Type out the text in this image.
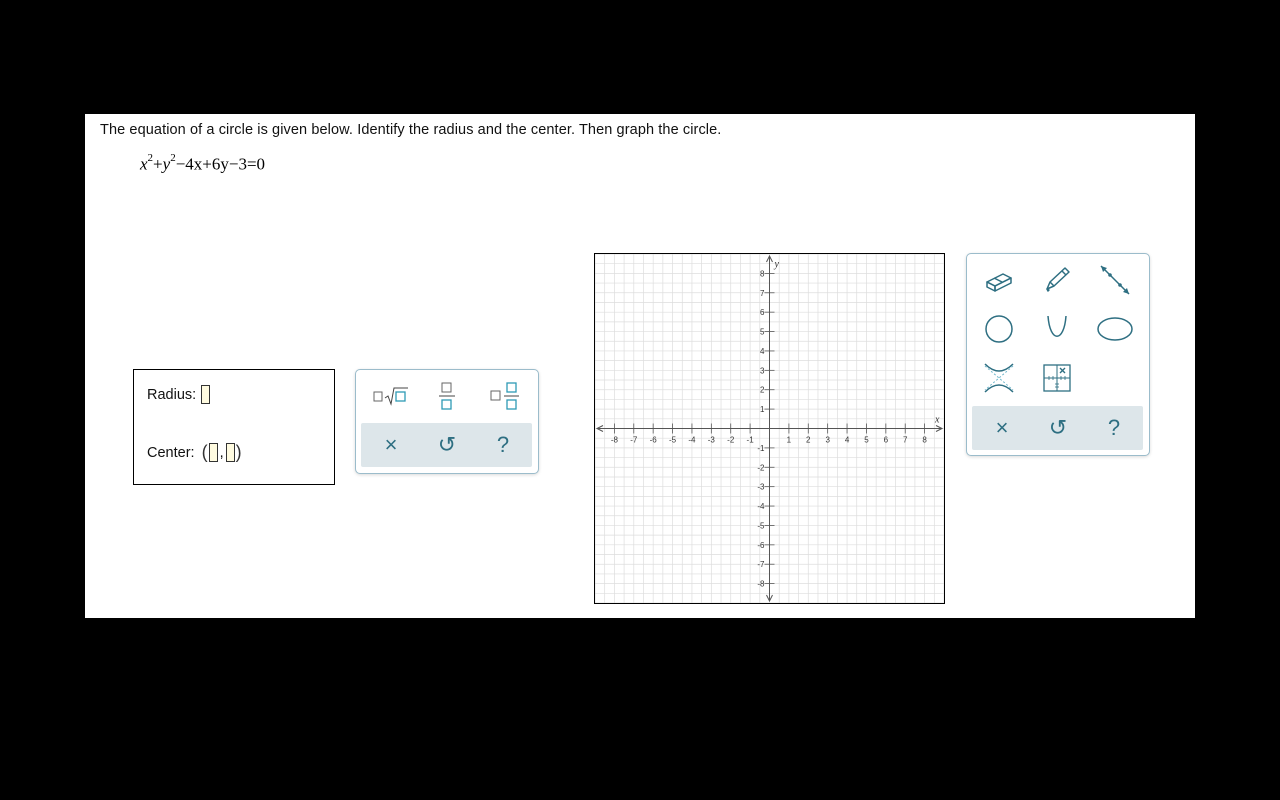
The equation of a circle is given below. Identify the radius and the center. Then graph the circle.
$x^2+y^2-4x+6y-3=0$
Radius:
Center: ( , )	× ↺ ?	-8 -7 -6 -5 -4 -3 -2 -1	1 2 3 4 5 6 7 8
8
7
6
5
4
3
2
1
-1
-2
-3
-4
-5
-6
-7
-8
x
y
× ↺ ?
